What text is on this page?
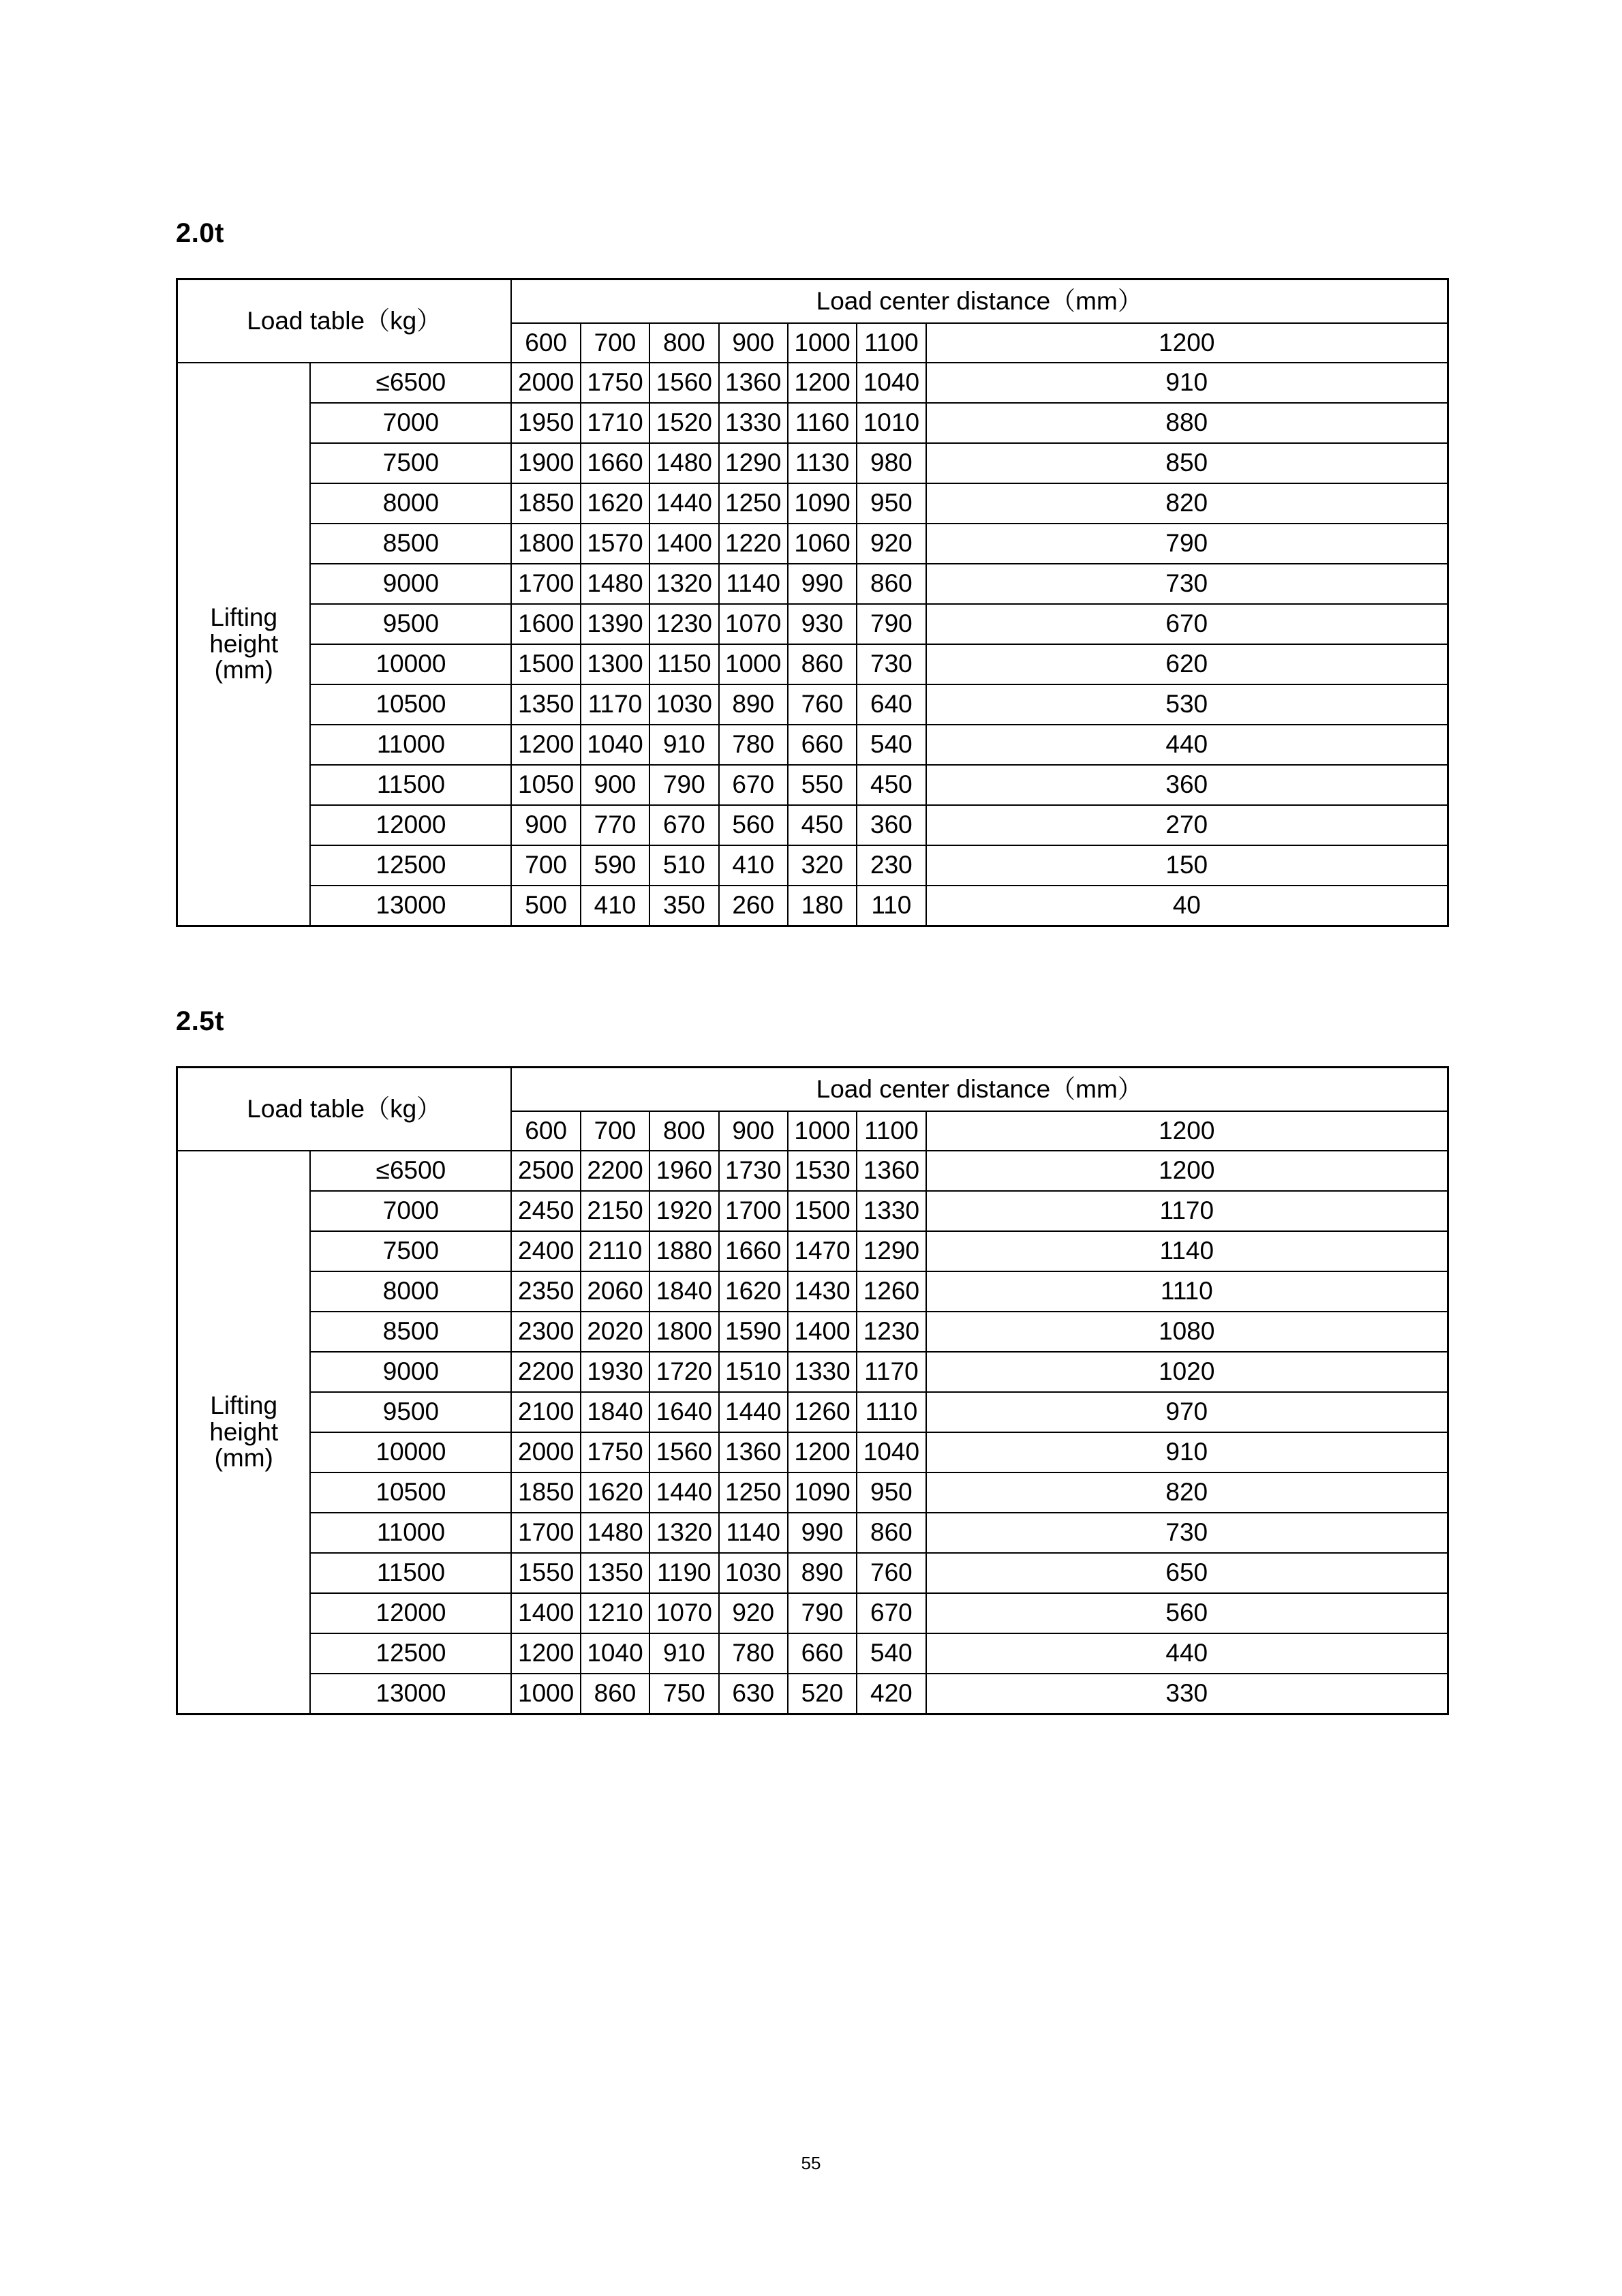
2.0t
Load table（kg）		Load center distance（mm）						
		600	700	800	900	1000	1100	1200
Lifting
height
(mm)	≤6500	2000	1750	1560	1360	1200	1040	910
	7000	1950	1710	1520	1330	1160	1010	880
	7500	1900	1660	1480	1290	1130	980	850
	8000	1850	1620	1440	1250	1090	950	820
	8500	1800	1570	1400	1220	1060	920	790
	9000	1700	1480	1320	1140	990	860	730
	9500	1600	1390	1230	1070	930	790	670
	10000	1500	1300	1150	1000	860	730	620
	10500	1350	1170	1030	890	760	640	530
	11000	1200	1040	910	780	660	540	440
	11500	1050	900	790	670	550	450	360
	12000	900	770	670	560	450	360	270
	12500	700	590	510	410	320	230	150
	13000	500	410	350	260	180	110	40
2.5t
Load table（kg）		Load center distance（mm）						
		600	700	800	900	1000	1100	1200
Lifting
height
(mm)	≤6500	2500	2200	1960	1730	1530	1360	1200
	7000	2450	2150	1920	1700	1500	1330	1170
	7500	2400	2110	1880	1660	1470	1290	1140
	8000	2350	2060	1840	1620	1430	1260	1110
	8500	2300	2020	1800	1590	1400	1230	1080
	9000	2200	1930	1720	1510	1330	1170	1020
	9500	2100	1840	1640	1440	1260	1110	970
	10000	2000	1750	1560	1360	1200	1040	910
	10500	1850	1620	1440	1250	1090	950	820
	11000	1700	1480	1320	1140	990	860	730
	11500	1550	1350	1190	1030	890	760	650
	12000	1400	1210	1070	920	790	670	560
	12500	1200	1040	910	780	660	540	440
	13000	1000	860	750	630	520	420	330
55
